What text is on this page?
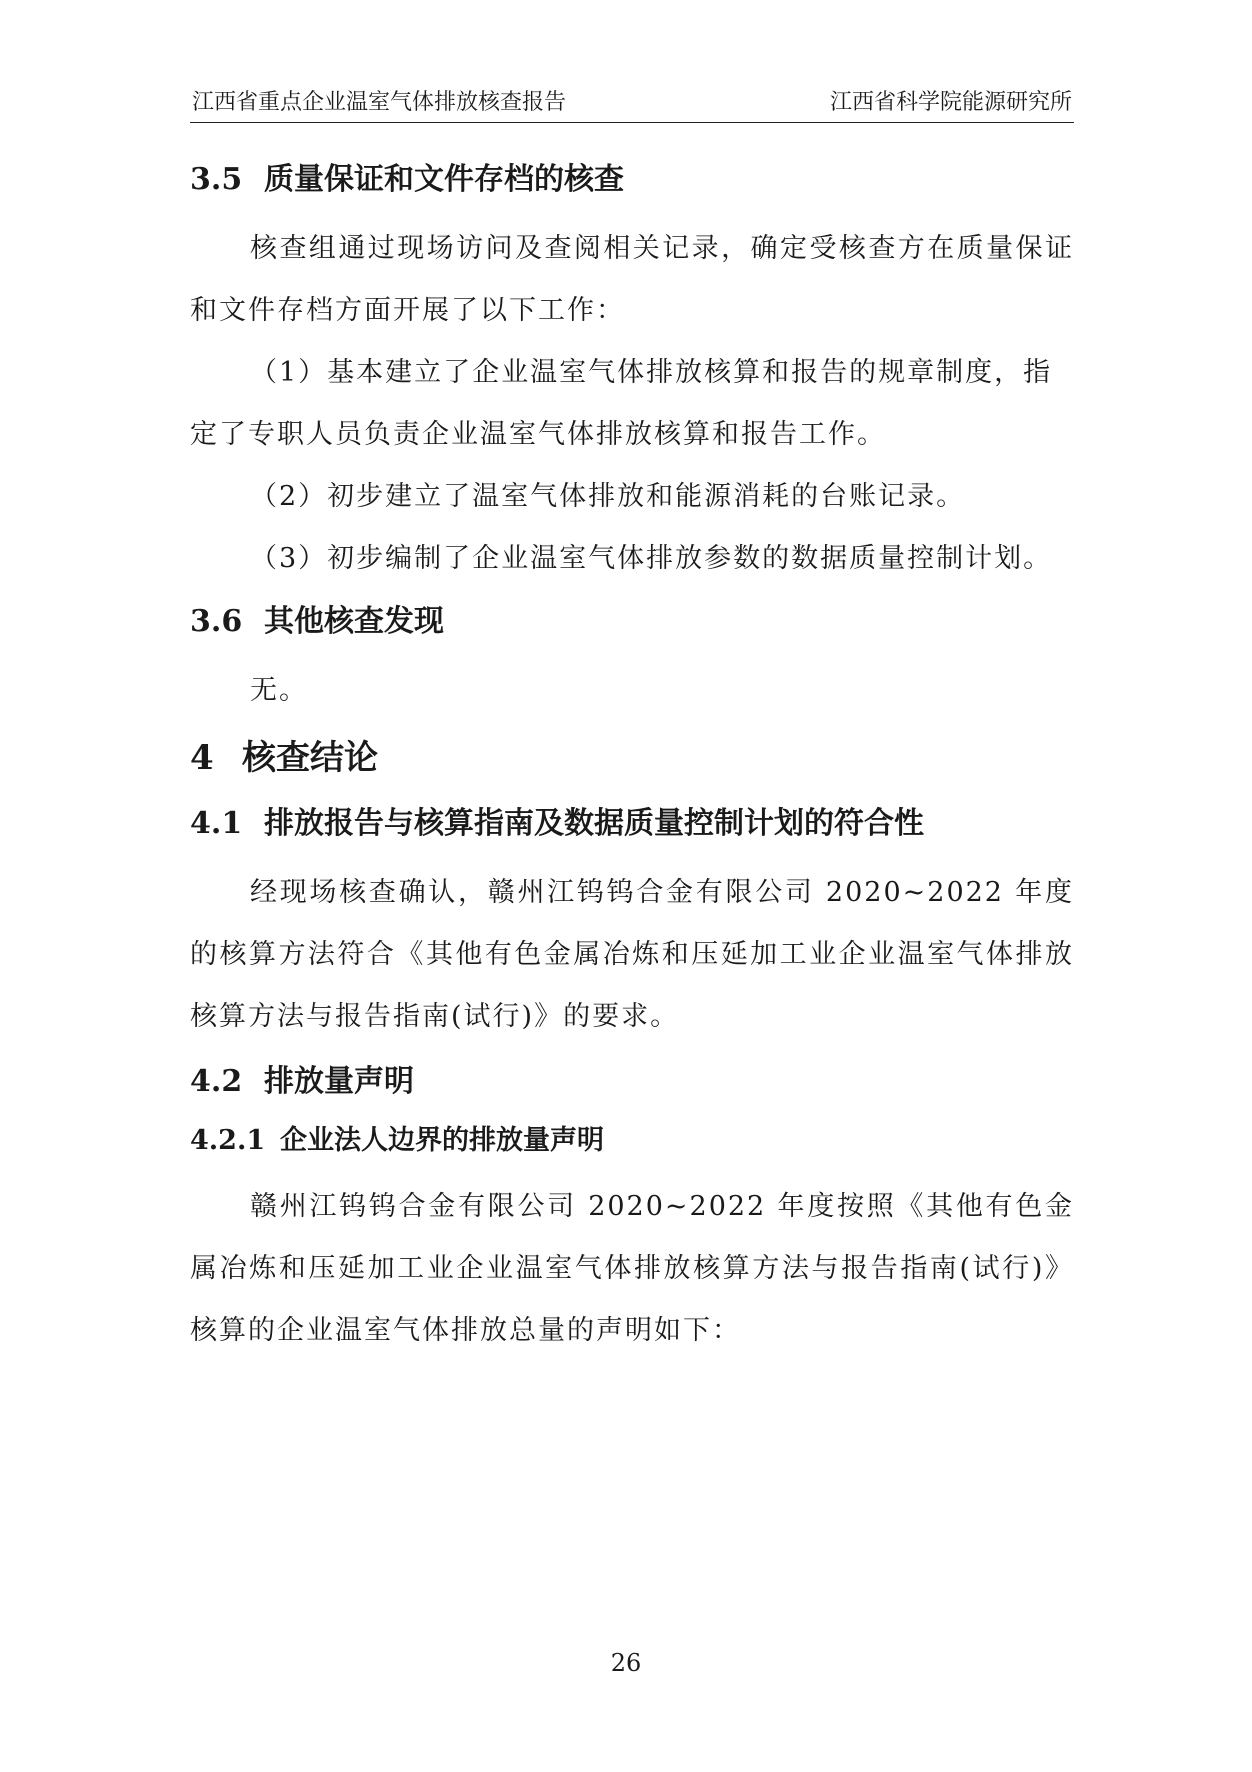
江西省重点企业温室气体排放核查报告	江西省科学院能源研究所
3.5 质量保证和文件存档的核查

核查组通过现场访问及查阅相关记录，确定受核查方在质量保证和文件存档方面开展了以下工作：

（1）基本建立了企业温室气体排放核算和报告的规章制度，指定了专职人员负责企业温室气体排放核算和报告工作。

（2）初步建立了温室气体排放和能源消耗的台账记录。

（3）初步编制了企业温室气体排放参数的数据质量控制计划。

3.6 其他核查发现

无。

4 核查结论
4.1 排放报告与核算指南及数据质量控制计划的符合性

经现场核查确认，赣州江钨钨合金有限公司 2020~2022 年度的核算方法符合《其他有色金属冶炼和压延加工业企业温室气体排放核算方法与报告指南(试行)》的要求。

4.2 排放量声明
4.2.1 企业法人边界的排放量声明

赣州江钨钨合金有限公司 2020~2022 年度按照《其他有色金属冶炼和压延加工业企业温室气体排放核算方法与报告指南(试行)》核算的企业温室气体排放总量的声明如下：

26
